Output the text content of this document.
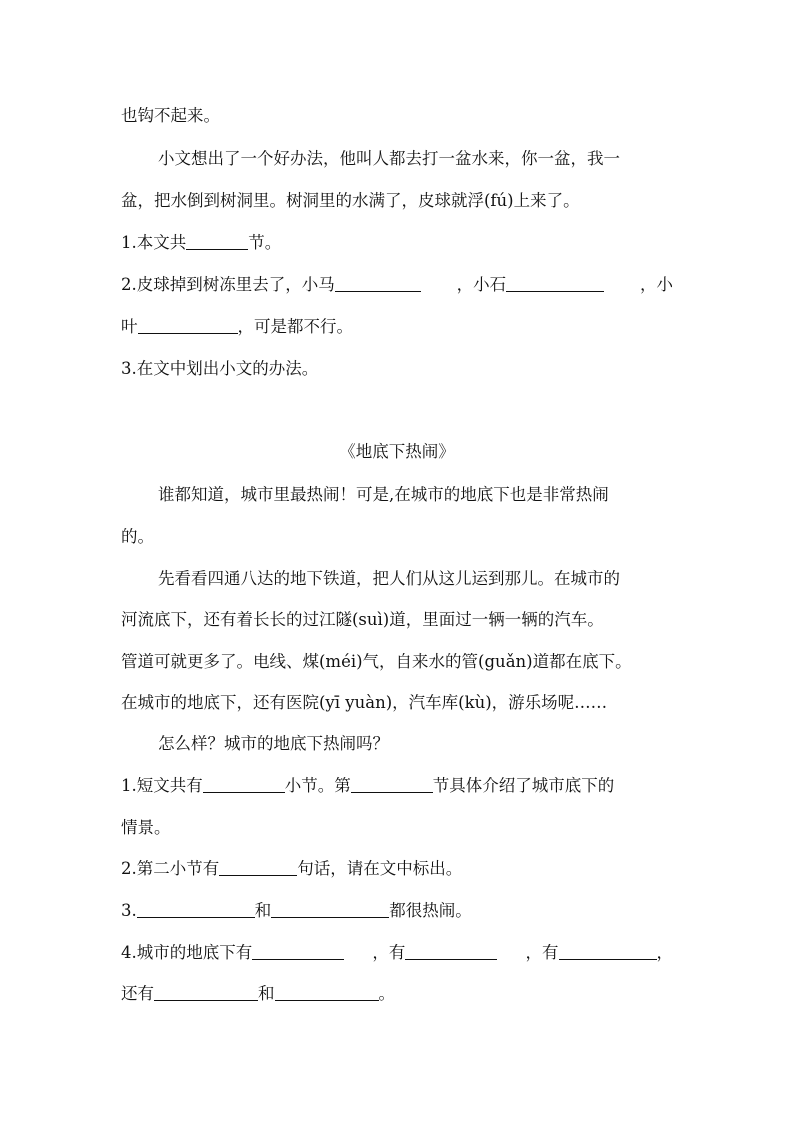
也钩不起来。
小文想出了一个好办法，他叫人都去打一盆水来，你一盆，我一
盆，把水倒到树洞里。树洞里的水满了，皮球就浮(fú)上来了。
1.本文共	节。
2.皮球掉到树冻里去了，小马	，小石	，小
叶	，可是都不行。
3.在文中划出小文的办法。
《地底下热闹》
谁都知道，城市里最热闹！可是,在城市的地底下也是非常热闹
的。
先看看四通八达的地下铁道，把人们从这儿运到那儿。在城市的
河流底下，还有着长长的过江隧(suì)道，里面过一辆一辆的汽车。
管道可就更多了。电线、煤(méi)气，自来水的管(guǎn)道都在底下。
在城市的地底下，还有医院(yī yuàn)，汽车库(kù)，游乐场呢……
怎么样？城市的地底下热闹吗？
1.短文共有	小节。第	节具体介绍了城市底下的
情景。
2.第二小节有	句话，请在文中标出。
3.	和	都很热闹。
4.城市的地底下有	，有	，有	，
还有	和	。
